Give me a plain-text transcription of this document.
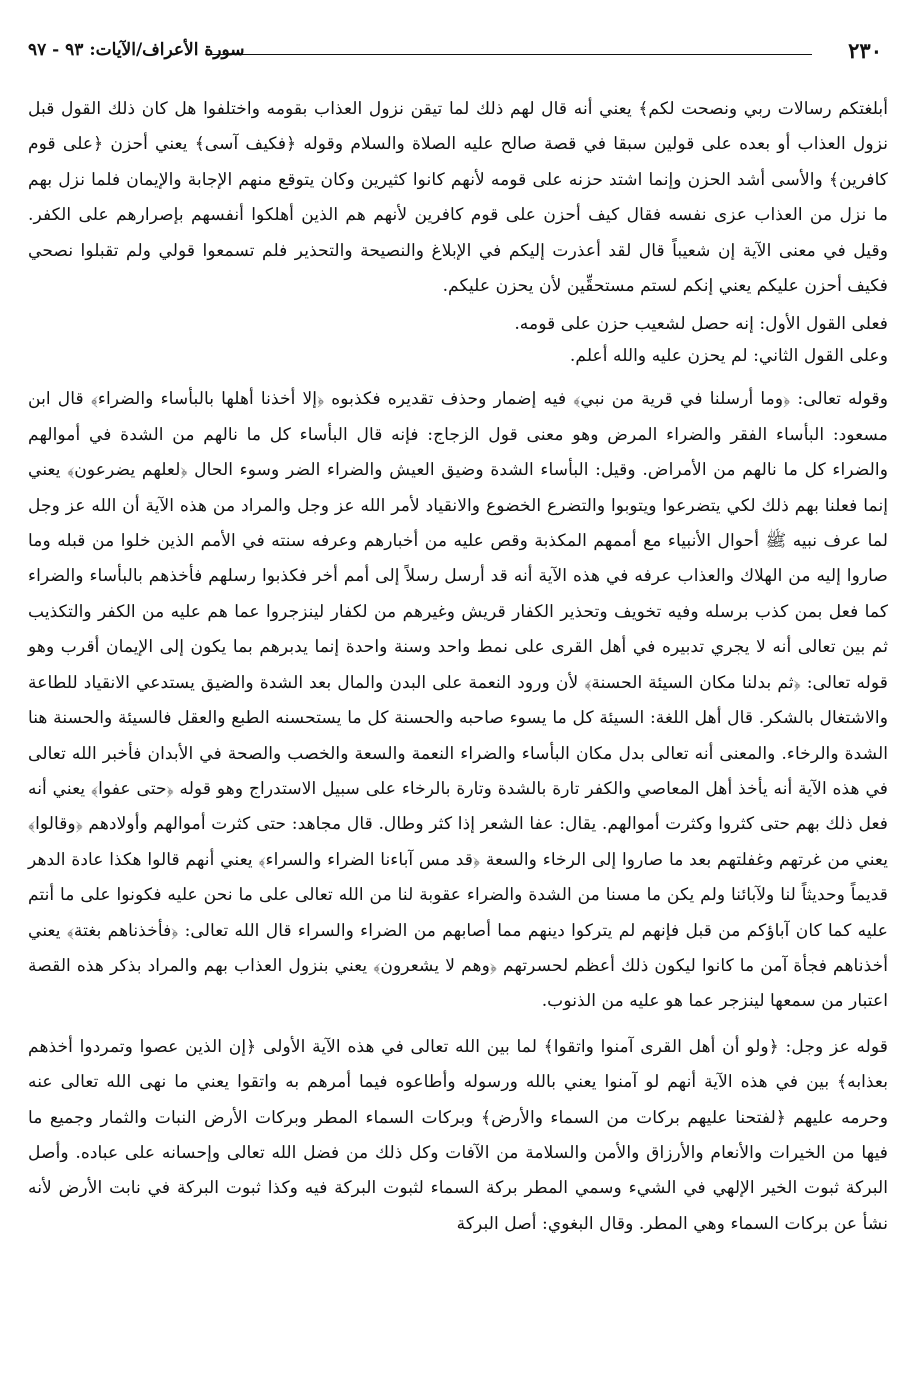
٢٣٠
سورة الأعراف/الآيات: ٩٣ - ٩٧

أبلغتكم رسالات ربي ونصحت لكم﴾ يعني أنه قال لهم ذلك لما تيقن نزول العذاب بقومه واختلفوا هل كان ذلك القول قبل نزول العذاب أو بعده على قولين سبقا في قصة صالح عليه الصلاة والسلام وقوله ﴿فكيف آسى﴾ يعني أحزن ﴿على قوم كافرين﴾ والأسى أشد الحزن وإنما اشتد حزنه على قومه لأنهم كانوا كثيرين وكان يتوقع منهم الإجابة والإيمان فلما نزل بهم ما نزل من العذاب عزى نفسه فقال كيف أحزن على قوم كافرين لأنهم هم الذين أهلكوا أنفسهم بإصرارهم على الكفر. وقيل في معنى الآية إن شعيباً قال لقد أعذرت إليكم في الإبلاغ والنصيحة والتحذير فلم تسمعوا قولي ولم تقبلوا نصحي فكيف أحزن عليكم يعني إنكم لستم مستحقِّين لأن يحزن عليكم.

فعلى القول الأول: إنه حصل لشعيب حزن على قومه.

وعلى القول الثاني: لم يحزن عليه والله أعلم.

وقوله تعالى: ﴿وما أرسلنا في قرية من نبي﴾ فيه إضمار وحذف تقديره فكذبوه ﴿إلا أخذنا أهلها بالبأساء والضراء﴾ قال ابن مسعود: البأساء الفقر والضراء المرض وهو معنى قول الزجاج: فإنه قال البأساء كل ما نالهم من الشدة في أموالهم والضراء كل ما نالهم من الأمراض. وقيل: البأساء الشدة وضيق العيش والضراء الضر وسوء الحال ﴿لعلهم يضرعون﴾ يعني إنما فعلنا بهم ذلك لكي يتضرعوا ويتوبوا والتضرع الخضوع والانقياد لأمر الله عز وجل والمراد من هذه الآية أن الله عز وجل لما عرف نبيه ﷺ أحوال الأنبياء مع أممهم المكذبة وقص عليه من أخبارهم وعرفه سنته في الأمم الذين خلوا من قبله وما صاروا إليه من الهلاك والعذاب عرفه في هذه الآية أنه قد أرسل رسلاً إلى أمم أخر فكذبوا رسلهم فأخذهم بالبأساء والضراء كما فعل بمن كذب برسله وفيه تخويف وتحذير الكفار قريش وغيرهم من لكفار لينزجروا عما هم عليه من الكفر والتكذيب ثم بين تعالى أنه لا يجري تدبيره في أهل القرى على نمط واحد وسنة واحدة إنما يدبرهم بما يكون إلى الإيمان أقرب وهو قوله تعالى: ﴿ثم بدلنا مكان السيئة الحسنة﴾ لأن ورود النعمة على البدن والمال بعد الشدة والضيق يستدعي الانقياد للطاعة والاشتغال بالشكر. قال أهل اللغة: السيئة كل ما يسوء صاحبه والحسنة كل ما يستحسنه الطبع والعقل فالسيئة والحسنة هنا الشدة والرخاء. والمعنى أنه تعالى بدل مكان البأساء والضراء النعمة والسعة والخصب والصحة في الأبدان فأخبر الله تعالى في هذه الآية أنه يأخذ أهل المعاصي والكفر تارة بالشدة وتارة بالرخاء على سبيل الاستدراج وهو قوله ﴿حتى عفوا﴾ يعني أنه فعل ذلك بهم حتى كثروا وكثرت أموالهم. يقال: عفا الشعر إذا كثر وطال. قال مجاهد: حتى كثرت أموالهم وأولادهم ﴿وقالوا﴾ يعني من غرتهم وغفلتهم بعد ما صاروا إلى الرخاء والسعة ﴿قد مس آباءنا الضراء والسراء﴾ يعني أنهم قالوا هكذا عادة الدهر قديماً وحديثاً لنا ولآبائنا ولم يكن ما مسنا من الشدة والضراء عقوبة لنا من الله تعالى على ما نحن عليه فكونوا على ما أنتم عليه كما كان آباؤكم من قبل فإنهم لم يتركوا دينهم مما أصابهم من الضراء والسراء قال الله تعالى: ﴿فأخذناهم بغتة﴾ يعني أخذناهم فجأة آمن ما كانوا ليكون ذلك أعظم لحسرتهم ﴿وهم لا يشعرون﴾ يعني بنزول العذاب بهم والمراد بذكر هذه القصة اعتبار من سمعها لينزجر عما هو عليه من الذنوب.

قوله عز وجل: ﴿ولو أن أهل القرى آمنوا واتقوا﴾ لما بين الله تعالى في هذه الآية الأولى ﴿إن الذين عصوا وتمردوا أخذهم بعذابه﴾ بين في هذه الآية أنهم لو آمنوا يعني بالله ورسوله وأطاعوه فيما أمرهم به واتقوا يعني ما نهى الله تعالى عنه وحرمه عليهم ﴿لفتحنا عليهم بركات من السماء والأرض﴾ وبركات السماء المطر وبركات الأرض النبات والثمار وجميع ما فيها من الخيرات والأنعام والأرزاق والأمن والسلامة من الآفات وكل ذلك من فضل الله تعالى وإحسانه على عباده. وأصل البركة ثبوت الخير الإلهي في الشيء وسمي المطر بركة السماء لثبوت البركة فيه وكذا ثبوت البركة في نابت الأرض لأنه نشأ عن بركات السماء وهي المطر. وقال البغوي: أصل البركة
